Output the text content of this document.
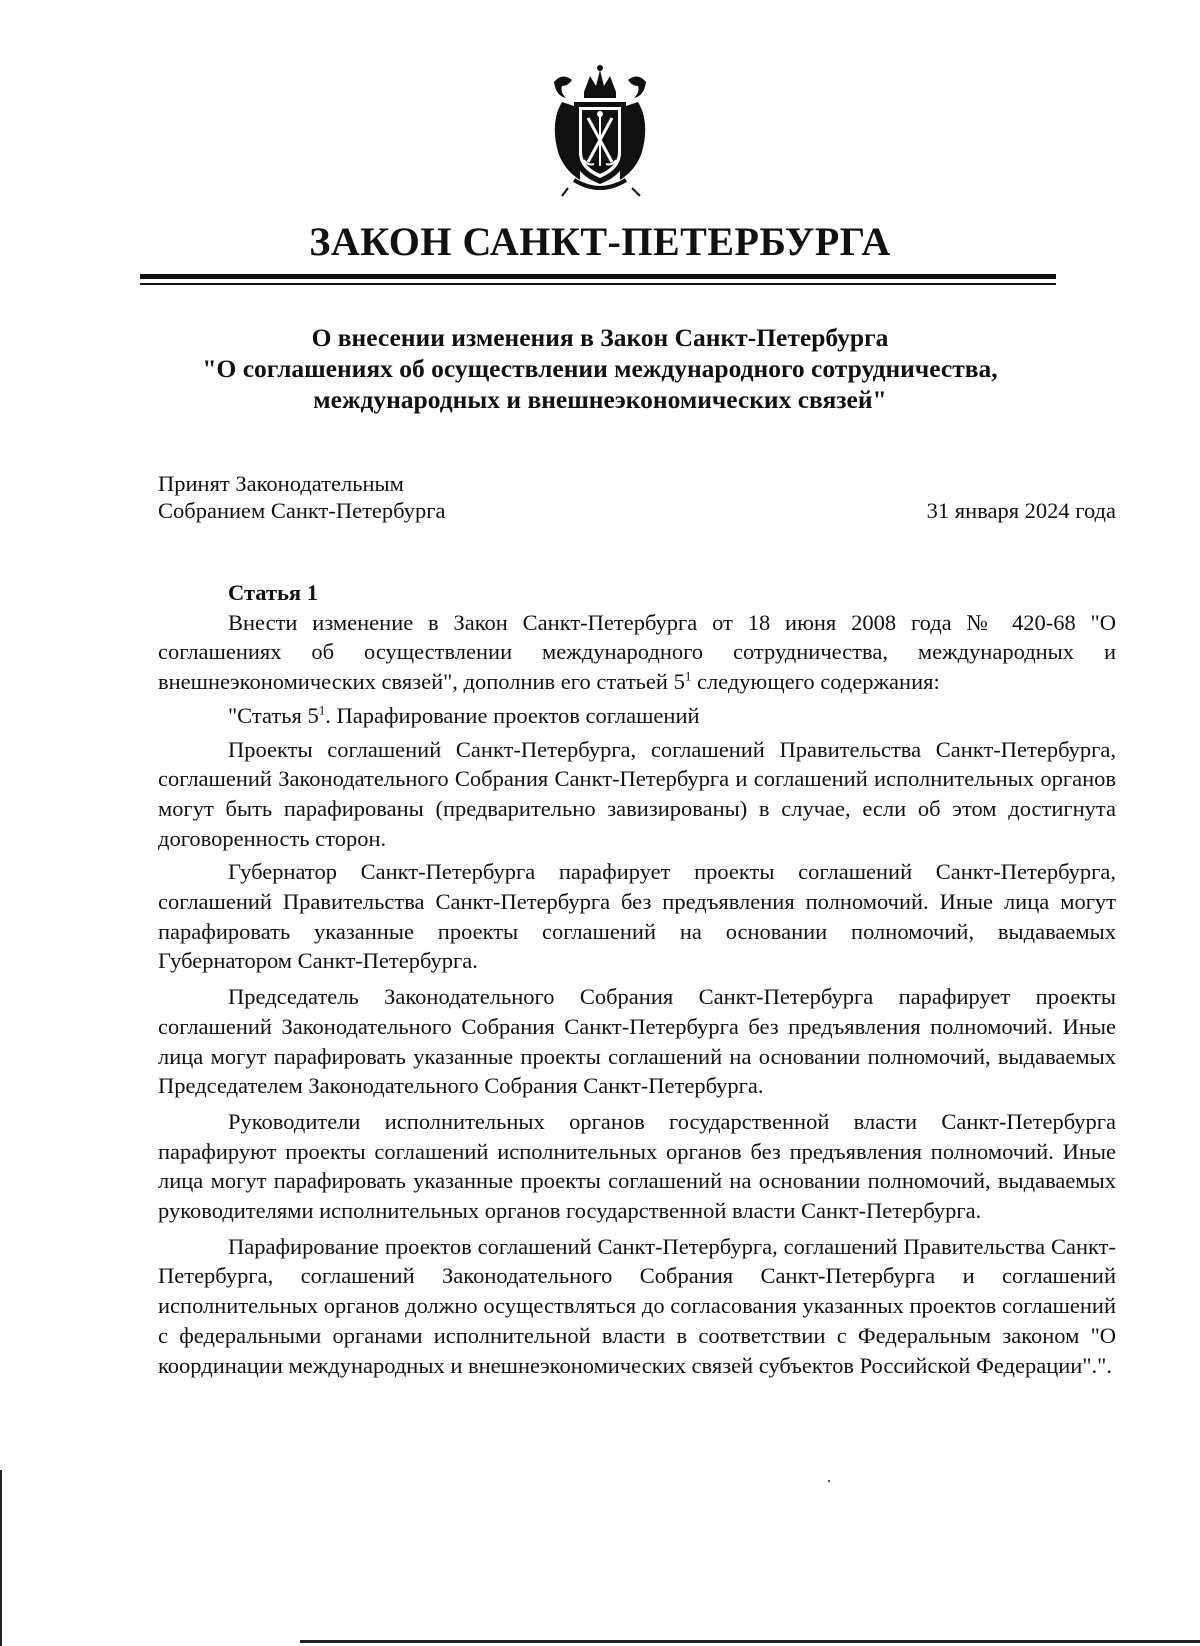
ЗАКОН САНКТ-ПЕТЕРБУРГА
О внесении изменения в Закон Санкт-Петербурга
"О соглашениях об осуществлении международного сотрудничества,
международных и внешнеэкономических связей"
Принят Законодательным
Собранием Санкт-Петербурга	31 января 2024 года

Статья 1

Внести изменение в Закон Санкт-Петербурга от 18 июня 2008 года № 420-68 "О соглашениях об осуществлении международного сотрудничества, международных и внешнеэкономических связей", дополнив его статьей $5^1$ следующего содержания:

"Статья $5^1$. Парафирование проектов соглашений

Проекты соглашений Санкт-Петербурга, соглашений Правительства Санкт-Петербурга, соглашений Законодательного Собрания Санкт-Петербурга и соглашений исполнительных органов могут быть парафированы (предварительно завизированы) в случае, если об этом достигнута договоренность сторон.

Губернатор Санкт-Петербурга парафирует проекты соглашений Санкт-Петербурга, соглашений Правительства Санкт-Петербурга без предъявления полномочий. Иные лица могут парафировать указанные проекты соглашений на основании полномочий, выдаваемых Губернатором Санкт-Петербурга.

Председатель Законодательного Собрания Санкт-Петербурга парафирует проекты соглашений Законодательного Собрания Санкт-Петербурга без предъявления полномочий. Иные лица могут парафировать указанные проекты соглашений на основании полномочий, выдаваемых Председателем Законодательного Собрания Санкт-Петербурга.

Руководители исполнительных органов государственной власти Санкт-Петербурга парафируют проекты соглашений исполнительных органов без предъявления полномочий. Иные лица могут парафировать указанные проекты соглашений на основании полномочий, выдаваемых руководителями исполнительных органов государственной власти Санкт-Петербурга.

Парафирование проектов соглашений Санкт-Петербурга, соглашений Правительства Санкт-Петербурга, соглашений Законодательного Собрания Санкт-Петербурга и соглашений исполнительных органов должно осуществляться до согласования указанных проектов соглашений с федеральными органами исполнительной власти в соответствии с Федеральным законом "О координации международных и внешнеэкономических связей субъектов Российской Федерации".".
